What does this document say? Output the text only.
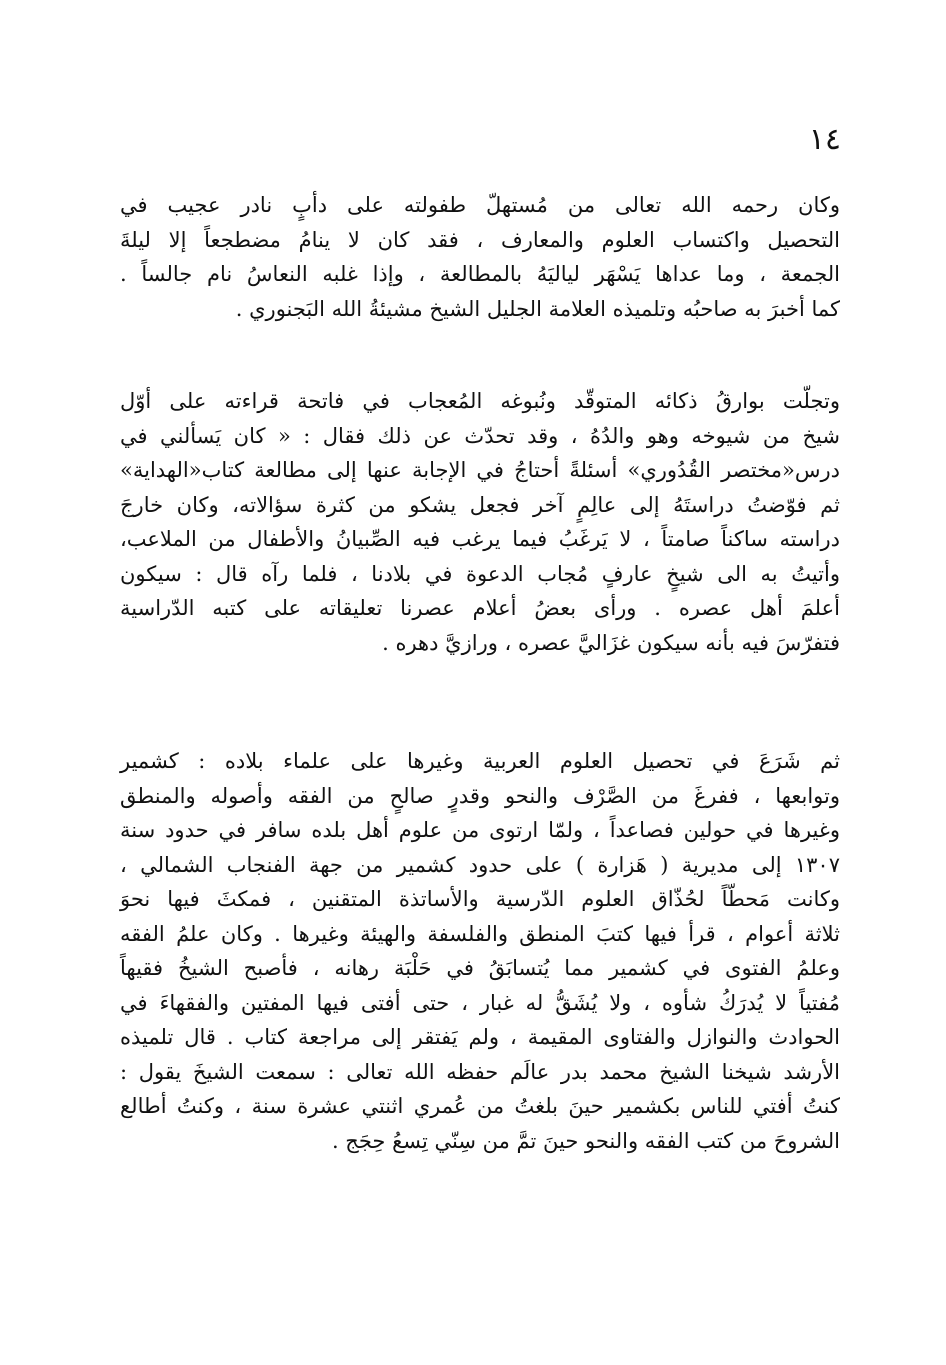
١٤
وكان رحمه الله تعالى من مُستهلّ طفولته على دأبٍ نادر عجيب في
التحصيل واكتساب العلوم والمعارف ، فقد كان لا ينامُ مضطجعاً إلا ليلةَ
الجمعة ، وما عداها يَسْهَر لياليَهُ بالمطالعة ، وإذا غلبه النعاسُ نام جالساً .
كما أخبرَ به صاحبُه وتلميذه العلامة الجليل الشيخ مشيئةُ الله البَجنوري .
وتجلّت بوارقُ ذكائه المتوقّد ونُبوغه المُعجاب في فاتحة قراءته على أوّل
شيخ من شيوخه وهو والدُهُ ، وقد تحدّث عن ذلك فقال : « كان يَسألني في
درس«مختصر القُدُوري» أسئلةً أحتاجُ في الإجابة عنها إلى مطالعة كتاب«الهداية»
ثم فوّضتُ دراستَهُ إلى عالِمٍ آخر فجعل يشكو من كثرة سؤالاته، وكان خارجَ
دراسته ساكناً صامتاً ، لا يَرغَبُ فيما يرغب فيه الصِّبيانُ والأطفال من الملاعب،
وأتيتُ به الى شيخٍ عارفٍ مُجاب الدعوة في بلادنا ، فلما رآه قال : سيكون
أعلمَ أهل عصره . ورأى بعضُ أعلام عصرنا تعليقاته على كتبه الدّراسية
فتفرّسَ فيه بأنه سيكون غزَاليَّ عصره ، ورازيَّ دهره .
ثم شَرَعَ في تحصيل العلوم العربية وغيرها على علماء بلاده : كشمير
وتوابعها ، ففرغَ من الصَّرْف والنحو وقدرٍ صالحٍ من الفقه وأصوله والمنطق
وغيرها في حولين فصاعداً ، ولمّا ارتوى من علوم أهل بلده سافر في حدود سنة
١٣٠٧ إلى مديرية ( هَزارة ) على حدود كشمير من جهة الفنجاب الشمالي ،
وكانت مَحطّاً لحُذّاق العلوم الدّرسية والأساتذة المتقنين ، فمكثَ فيها نحوَ
ثلاثة أعوام ، قرأ فيها كتبَ المنطق والفلسفة والهيئة وغيرها . وكان علمُ الفقه
وعلمُ الفتوى في كشمير مما يُتسابَقُ في حَلْبَة رهانه ، فأصبح الشيخُ فقيهاً
مُفتياً لا يُدرَكُ شأوه ، ولا يُشَقُّ له غبار ، حتى أفتى فيها المفتين والفقهاءَ في
الحوادث والنوازل والفتاوى المقيمة ، ولم يَفتقر إلى مراجعة كتاب . قال تلميذه
الأرشد شيخنا الشيخ محمد بدر عالَم حفظه الله تعالى : سمعت الشيخَ يقول :
كنتُ أفتي للناس بكشمير حينَ بلغتُ من عُمري اثنتي عشرة سنة ، وكنتُ أطالع
الشروحَ من كتب الفقه والنحو حينَ تمَّ من سِنّي تِسعُ حِجَج .
